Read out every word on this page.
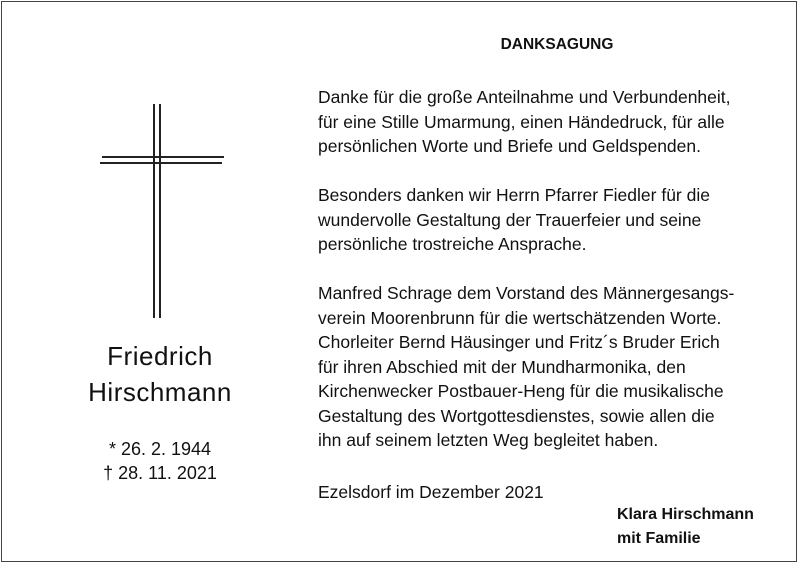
Friedrich
Hirschmann
* 26. 2. 1944
† 28. 11. 2021
DANKSAGUNG
Danke für die große Anteilnahme und Verbundenheit,
für eine Stille Umarmung, einen Händedruck, für alle
persönlichen Worte und Briefe und Geldspenden.
Besonders danken wir Herrn Pfarrer Fiedler für die
wundervolle Gestaltung der Trauerfeier und seine
persönliche trostreiche Ansprache.
Manfred Schrage dem Vorstand des Männergesangs-
verein Moorenbrunn für die wertschätzenden Worte.
Chorleiter Bernd Häusinger und Fritz´s Bruder Erich
für ihren Abschied mit der Mundharmonika, den
Kirchenwecker Postbauer-Heng für die musikalische
Gestaltung des Wortgottesdienstes, sowie allen die
ihn auf seinem letzten Weg begleitet haben.
Ezelsdorf im Dezember 2021
Klara Hirschmann
mit Familie
